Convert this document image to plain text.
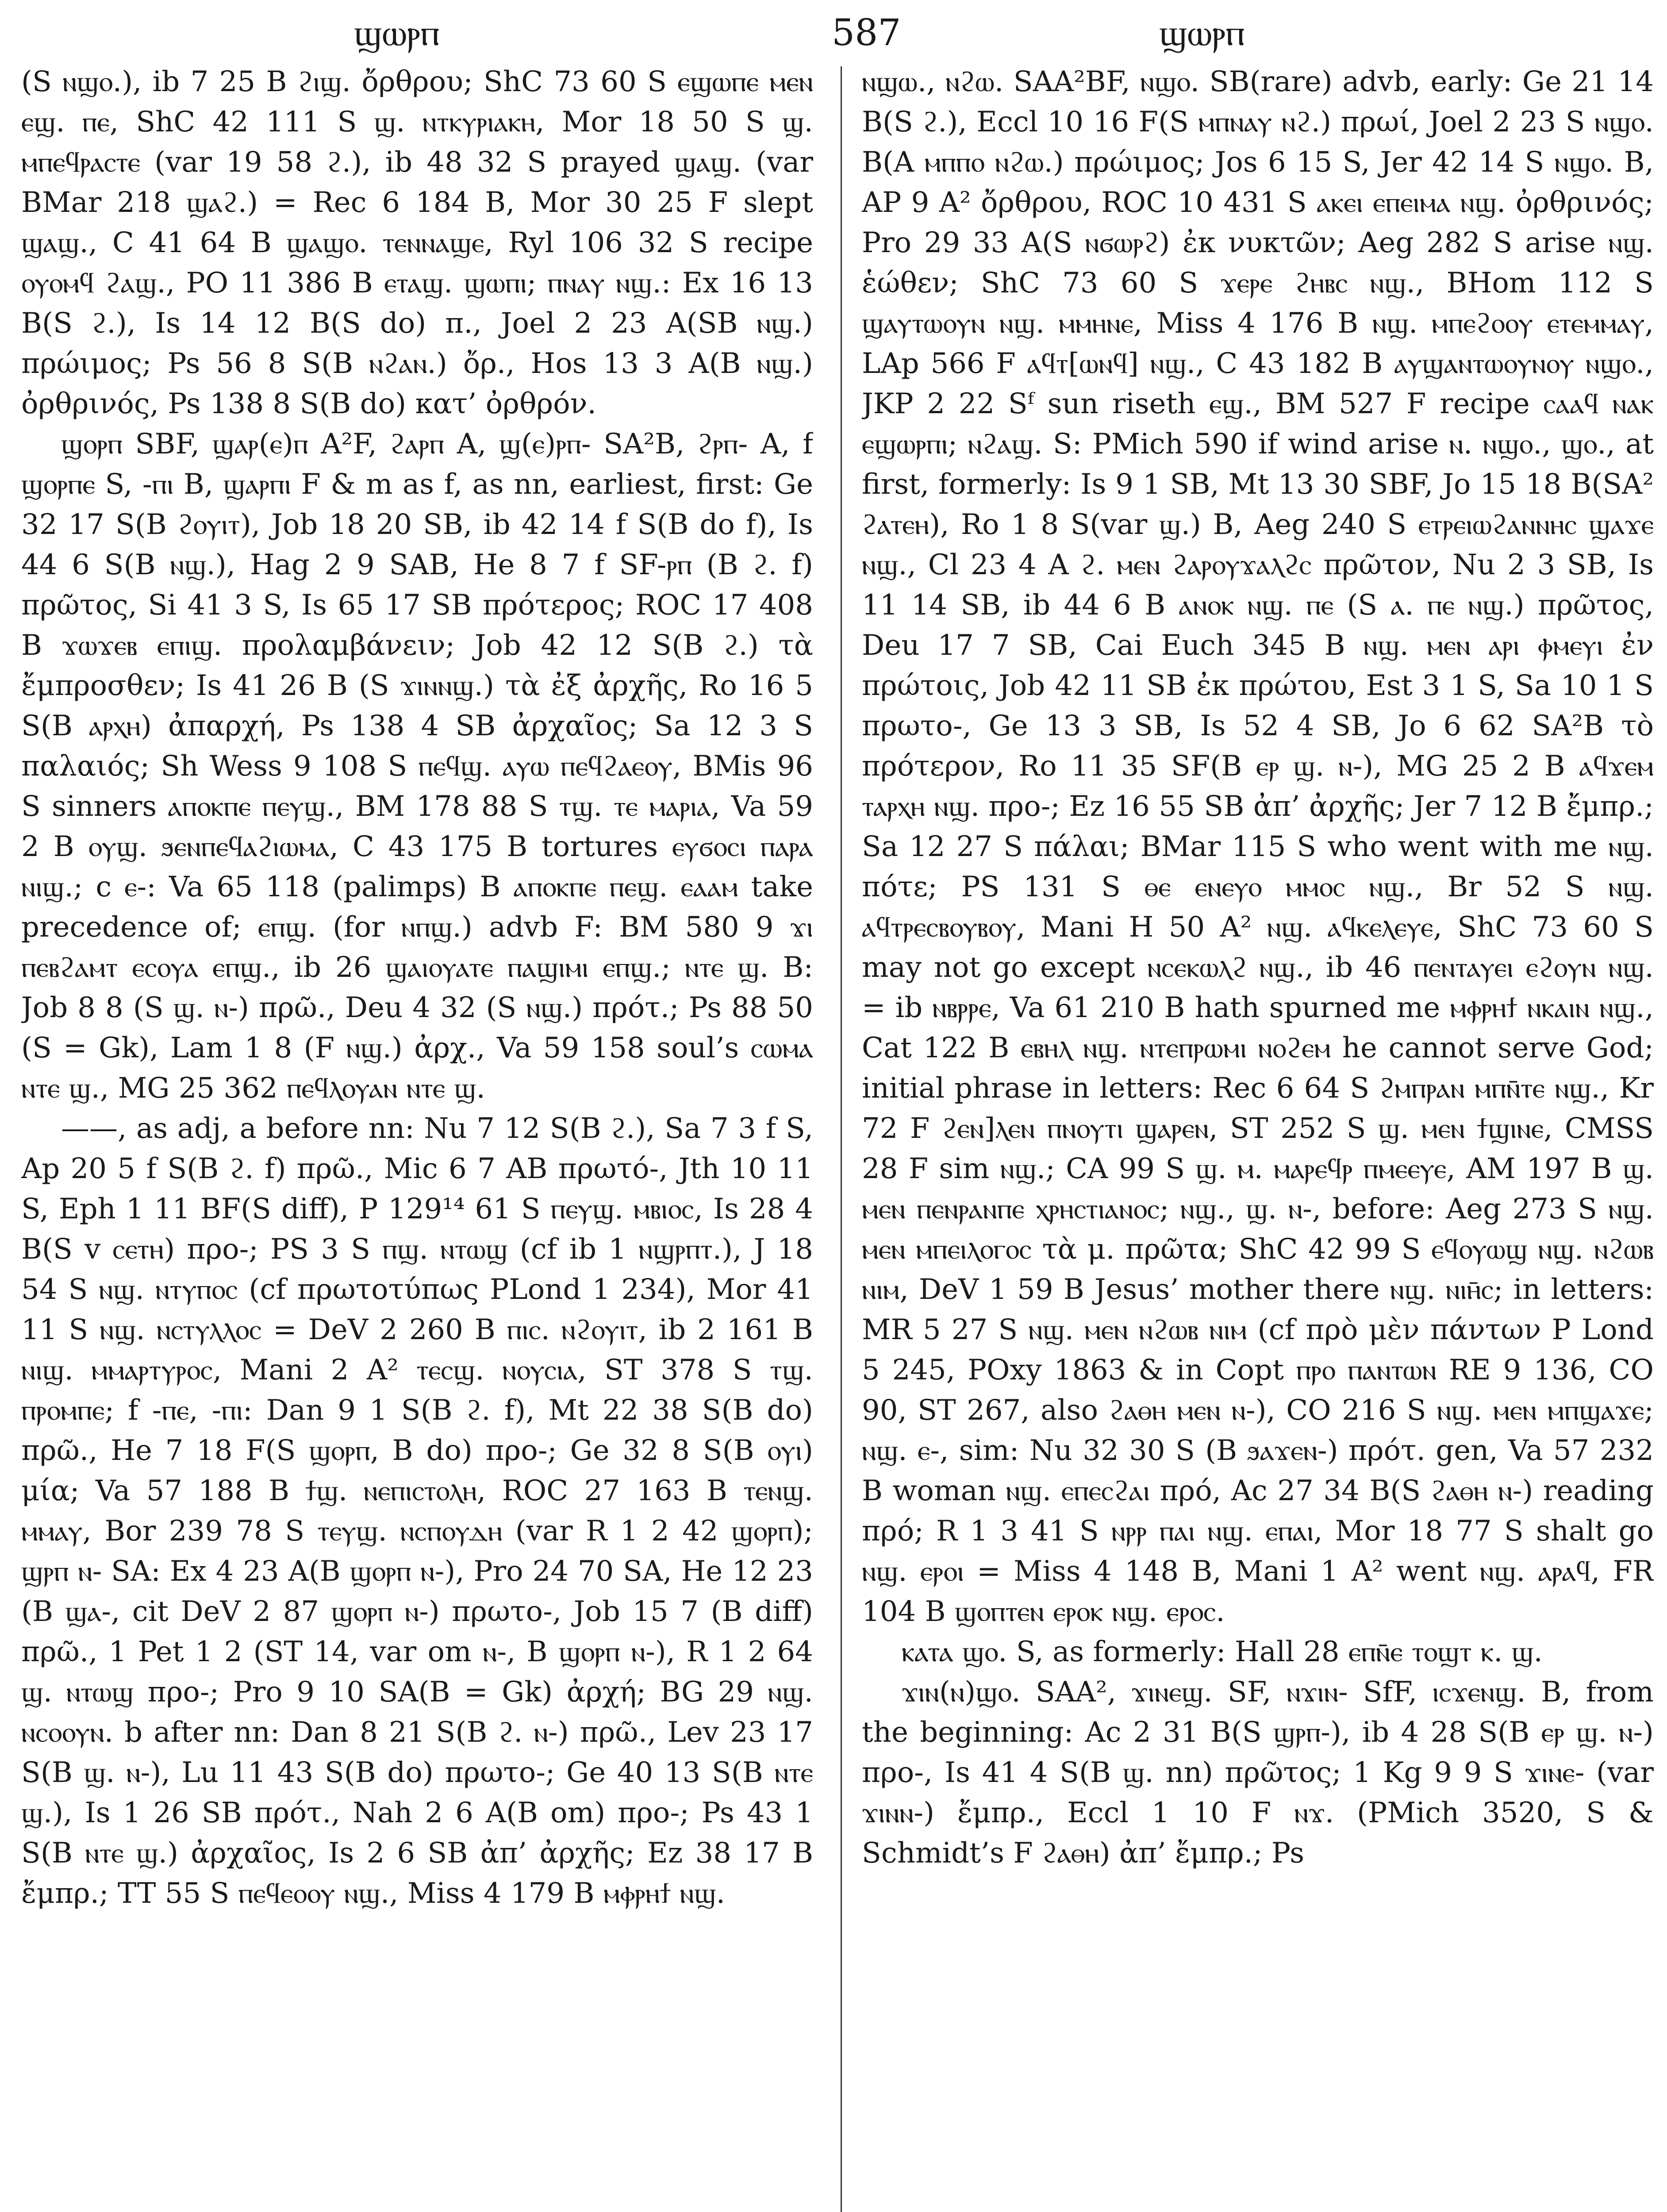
ϣⲱⲣⲡ	587	ϣⲱⲣⲡ

(S ⲛϣⲟ.), ib 7 25 B ϩⲓϣ. ὄρθρου; ShC 73 60 S ⲉϣⲱⲡⲉ ⲙⲉⲛ ⲉϣ. ⲡⲉ, ShC 42 111 S ϣ. ⲛⲧⲕⲩⲣⲓⲁⲕⲏ, Mor 18 50 S ϣ. ⲙⲡⲉϥⲣⲁⲥⲧⲉ (var 19 58 ϩ.), ib 48 32 S prayed ϣⲁϣ. (var BMar 218 ϣⲁϩ.) = Rec 6 184 B, Mor 30 25 F slept ϣⲁϣ., C 41 64 B ϣⲁϣⲟ. ⲧⲉⲛⲛⲁϣⲉ, Ryl 106 32 S recipe ⲟⲩⲟⲙϥ ϩⲁϣ., PO 11 386 B ⲉⲧⲁϣ. ϣⲱⲡⲓ; ⲡⲛⲁⲩ ⲛϣ.: Ex 16 13 B(S ϩ.), Is 14 12 B(S do) π., Joel 2 23 A(SB ⲛϣ.) πρώιμος; Ps 56 8 S(B ⲛϩⲁⲛ.) ὄρ., Hos 13 3 A(B ⲛϣ.) ὀρθρινός, Ps 138 8 S(B do) κατ’ ὀρθρόν.

ϣⲟⲣⲡ SBF, ϣⲁⲣ(ⲉ)ⲡ A²F, ϩⲁⲣⲡ A, ϣ(ⲉ)ⲣⲡ- SA²B, ϩⲣⲡ- A, f ϣⲟⲣⲡⲉ S, -ⲡⲓ B, ϣⲁⲣⲡⲓ F & m as f, as nn, earliest, first: Ge 32 17 S(B ϩⲟⲩⲓⲧ), Job 18 20 SB, ib 42 14 f S(B do f), Is 44 6 S(B ⲛϣ.), Hag 2 9 SAB, He 8 7 f SF-ⲣⲡ (B ϩ. f) πρῶτος, Si 41 3 S, Is 65 17 SB πρότερος; ROC 17 408 B ϫⲱϫⲉⲃ ⲉⲡⲓϣ. προλαμβάνειν; Job 42 12 S(B ϩ.) τὰ ἔμπροσθεν; Is 41 26 B (S ϫⲓⲛⲛϣ.) τὰ ἐξ ἀρχῆς, Ro 16 5 S(B ⲁⲣⲭⲏ) ἀπαρχή, Ps 138 4 SB ἀρχαῖος; Sa 12 3 S παλαιός; Sh Wess 9 108 S ⲡⲉϥϣ. ⲁⲩⲱ ⲡⲉϥϩⲁⲉⲟⲩ, BMis 96 S sinners ⲁⲡⲟⲕⲡⲉ ⲡⲉⲩϣ., BM 178 88 S ⲧϣ. ⲧⲉ ⲙⲁⲣⲓⲁ, Va 59 2 B ⲟⲩϣ. ϧⲉⲛⲡⲉϥⲁϩⲓⲱⲙⲁ, C 43 175 B tortures ⲉⲩϭⲟⲥⲓ ⲡⲁⲣⲁ ⲛⲓϣ.; c ⲉ-: Va 65 118 (palimps) B ⲁⲡⲟⲕⲡⲉ ⲡⲉϣ. ⲉⲁⲁⲙ take precedence of; ⲉⲡϣ. (for ⲛⲡϣ.) advb F: BM 580 9 ϫⲓ ⲡⲉⲃϩⲁⲙⲧ ⲉⲥⲟⲩⲁ ⲉⲡϣ., ib 26 ϣⲁⲓⲟⲩⲁⲧⲉ ⲡⲁϣⲓⲙⲓ ⲉⲡϣ.; ⲛⲧⲉ ϣ. B: Job 8 8 (S ϣ. ⲛ-) πρῶ., Deu 4 32 (S ⲛϣ.) πρότ.; Ps 88 50 (S = Gk), Lam 1 8 (F ⲛϣ.) ἀρχ., Va 59 158 soul’s ⲥⲱⲙⲁ ⲛⲧⲉ ϣ., MG 25 362 ⲡⲉϥⲗⲟⲩⲁⲛ ⲛⲧⲉ ϣ.

——, as adj, a before nn: Nu 7 12 S(B ϩ.), Sa 7 3 f S, Ap 20 5 f S(B ϩ. f) πρῶ., Mic 6 7 AB πρωτό-, Jth 10 11 S, Eph 1 11 BF(S diff), P 129¹⁴ 61 S ⲡⲉⲩϣ. ⲙⲃⲓⲟⲥ, Is 28 4 B(S v ⲥⲉⲧⲏ) προ-; PS 3 S ⲡϣ. ⲛⲧⲱϣ (cf ib 1 ⲛϣⲣⲡⲧ.), J 18 54 S ⲛϣ. ⲛⲧⲩⲡⲟⲥ (cf πρωτοτύπως PLond 1 234), Mor 41 11 S ⲛϣ. ⲛⲥⲧⲩⲗⲗⲟⲥ = DeV 2 260 B ⲡⲓⲥ. ⲛϩⲟⲩⲓⲧ, ib 2 161 B ⲛⲓϣ. ⲙⲙⲁⲣⲧⲩⲣⲟⲥ, Mani 2 A² ⲧⲉⲥϣ. ⲛⲟⲩⲥⲓⲁ, ST 378 S ⲧϣ. ⲡⲣⲟⲙⲡⲉ; f -ⲡⲉ, -ⲡⲓ: Dan 9 1 S(B ϩ. f), Mt 22 38 S(B do) πρῶ., He 7 18 F(S ϣⲟⲣⲡ, B do) προ-; Ge 32 8 S(B ⲟⲩⲓ) μία; Va 57 188 B ϯϣ. ⲛⲉⲡⲓⲥⲧⲟⲗⲏ, ROC 27 163 B ⲧⲉⲛϣ. ⲙⲙⲁⲩ, Bor 239 78 S ⲧⲉⲩϣ. ⲛⲥⲡⲟⲩⲇⲏ (var R 1 2 42 ϣⲟⲣⲡ); ϣⲣⲡ ⲛ- SA: Ex 4 23 A(B ϣⲟⲣⲡ ⲛ-), Pro 24 70 SA, He 12 23 (B ϣⲁ-, cit DeV 2 87 ϣⲟⲣⲡ ⲛ-) πρωτο-, Job 15 7 (B diff) πρῶ., 1 Pet 1 2 (ST 14, var om ⲛ-, B ϣⲟⲣⲡ ⲛ-), R 1 2 64 ϣ. ⲛⲧⲱϣ προ-; Pro 9 10 SA(B = Gk) ἀρχή; BG 29 ⲛϣ. ⲛⲥⲟⲟⲩⲛ. b after nn: Dan 8 21 S(B ϩ. ⲛ-) πρῶ., Lev 23 17 S(B ϣ. ⲛ-), Lu 11 43 S(B do) πρωτο-; Ge 40 13 S(B ⲛⲧⲉ ϣ.), Is 1 26 SB πρότ., Nah 2 6 A(B om) προ-; Ps 43 1 S(B ⲛⲧⲉ ϣ.) ἀρχαῖος, Is 2 6 SB ἀπ’ ἀρχῆς; Ez 38 17 B ἔμπρ.; TT 55 S ⲡⲉϥⲉⲟⲟⲩ ⲛϣ., Miss 4 179 B ⲙⲫⲣⲏϯ ⲛϣ.

ⲛϣⲱ., ⲛϩⲱ. SAA²BF, ⲛϣⲟ. SB(rare) advb, early: Ge 21 14 B(S ϩ.), Eccl 10 16 F(S ⲙⲡⲛⲁⲩ ⲛϩ.) πρωί, Joel 2 23 S ⲛϣⲟ. B(A ⲙⲡⲡⲟ ⲛϩⲱ.) πρώιμος; Jos 6 15 S, Jer 42 14 S ⲛϣⲟ. B, AP 9 A² ὄρθρου, ROC 10 431 S ⲁⲕⲉⲓ ⲉⲡⲉⲓⲙⲁ ⲛϣ. ὀρθρινός; Pro 29 33 A(S ⲛϭⲱⲣϩ) ἐκ νυκτῶν; Aeg 282 S arise ⲛϣ. ἑώθεν; ShC 73 60 S ϫⲉⲣⲉ ϩⲏⲃⲥ ⲛϣ., BHom 112 S ϣⲁⲩⲧⲱⲟⲩⲛ ⲛϣ. ⲙⲙⲏⲛⲉ, Miss 4 176 B ⲛϣ. ⲙⲡⲉϩⲟⲟⲩ ⲉⲧⲉⲙⲙⲁⲩ, LAp 566 F ⲁϥⲧ[ⲱⲛϥ] ⲛϣ., C 43 182 B ⲁⲩϣⲁⲛⲧⲱⲟⲩⲛⲟⲩ ⲛϣⲟ., JKP 2 22 Sᶠ sun riseth ⲉϣ., BM 527 F recipe ⲥⲁⲁϥ ⲛⲁⲕ ⲉϣⲱⲣⲡⲓ; ⲛϩⲁϣ. S: PMich 590 if wind arise ⲛ. ⲛϣⲟ., ϣⲟ., at first, formerly: Is 9 1 SB, Mt 13 30 SBF, Jo 15 18 B(SA² ϩⲁⲧⲉⲏ), Ro 1 8 S(var ϣ.) B, Aeg 240 S ⲉⲧⲣⲉⲓⲱϩⲁⲛⲛⲏⲥ ϣⲁϫⲉ ⲛϣ., Cl 23 4 A ϩ. ⲙⲉⲛ ϩⲁⲣⲟⲩϫⲁⲗϩⲥ πρῶτον, Nu 2 3 SB, Is 11 14 SB, ib 44 6 B ⲁⲛⲟⲕ ⲛϣ. ⲡⲉ (S ⲁ. ⲡⲉ ⲛϣ.) πρῶτος, Deu 17 7 SB, Cai Euch 345 B ⲛϣ. ⲙⲉⲛ ⲁⲣⲓ ⲫⲙⲉⲩⲓ ἐν πρώτοις, Job 42 11 SB ἐκ πρώτου, Est 3 1 S, Sa 10 1 S πρωτο-, Ge 13 3 SB, Is 52 4 SB, Jo 6 62 SA²B τὸ πρότερον, Ro 11 35 SF(B ⲉⲣ ϣ. ⲛ-), MG 25 2 B ⲁϥϫⲉⲙ ⲧⲁⲣⲭⲏ ⲛϣ. προ-; Ez 16 55 SB ἀπ’ ἀρχῆς; Jer 7 12 B ἔμπρ.; Sa 12 27 S πάλαι; BMar 115 S who went with me ⲛϣ. πότε; PS 131 S ⲑⲉ ⲉⲛⲉⲩⲟ ⲙⲙⲟⲥ ⲛϣ., Br 52 S ⲛϣ. ⲁϥⲧⲣⲉⲥⲃⲟⲩⲃⲟⲩ, Mani H 50 A² ⲛϣ. ⲁϥⲕⲉⲗⲉⲩⲉ, ShC 73 60 S may not go except ⲛⲥⲉⲕⲱⲗϩ ⲛϣ., ib 46 ⲡⲉⲛⲧⲁⲩⲉⲓ ⲉϩⲟⲩⲛ ⲛϣ. = ib ⲛⲃⲣⲣⲉ, Va 61 210 B hath spurned me ⲙⲫⲣⲏϯ ⲛⲕⲁⲓⲛ ⲛϣ., Cat 122 B ⲉⲃⲏⲗ ⲛϣ. ⲛⲧⲉⲡⲣⲱⲙⲓ ⲛⲟϩⲉⲙ he cannot serve God; initial phrase in letters: Rec 6 64 S ϩⲙⲡⲣⲁⲛ ⲙⲡⲛ̄ⲧⲉ ⲛϣ., Kr 72 F ϩⲉⲛ]ⲗⲉⲛ ⲡⲛⲟⲩⲧⲓ ϣⲁⲣⲉⲛ, ST 252 S ϣ. ⲙⲉⲛ ϯϣⲓⲛⲉ, CMSS 28 F sim ⲛϣ.; CA 99 S ϣ. ⲙ. ⲙⲁⲣⲉϥⲣ ⲡⲙⲉⲉⲩⲉ, AM 197 B ϣ. ⲙⲉⲛ ⲡⲉⲛⲣⲁⲛⲡⲉ ⲭⲣⲏⲥⲧⲓⲁⲛⲟⲥ; ⲛϣ., ϣ. ⲛ-, before: Aeg 273 S ⲛϣ. ⲙⲉⲛ ⲙⲡⲉⲓⲗⲟⲅⲟⲥ τὰ μ. πρῶτα; ShC 42 99 S ⲉϥⲟⲩⲱϣ ⲛϣ. ⲛϩⲱⲃ ⲛⲓⲙ, DeV 1 59 B Jesus’ mother there ⲛϣ. ⲛⲓⲏ̄ⲥ; in letters: MR 5 27 S ⲛϣ. ⲙⲉⲛ ⲛϩⲱⲃ ⲛⲓⲙ (cf πρὸ μὲν πάντων P Lond 5 245, POxy 1863 & in Copt ⲡⲣⲟ ⲡⲁⲛⲧⲱⲛ RE 9 136, CO 90, ST 267, also ϩⲁⲑⲏ ⲙⲉⲛ ⲛ-), CO 216 S ⲛϣ. ⲙⲉⲛ ⲙⲡϣⲁϫⲉ; ⲛϣ. ⲉ-, sim: Nu 32 30 S (B ϧⲁϫⲉⲛ-) πρότ. gen, Va 57 232 B woman ⲛϣ. ⲉⲡⲉⲥϩⲁⲓ πρό, Ac 27 34 B(S ϩⲁⲑⲏ ⲛ-) reading πρό; R 1 3 41 S ⲛⲣⲣ ⲡⲁⲓ ⲛϣ. ⲉⲡⲁⲓ, Mor 18 77 S shalt go ⲛϣ. ⲉⲣⲟⲓ = Miss 4 148 B, Mani 1 A² went ⲛϣ. ⲁⲣⲁϥ, FR 104 B ϣⲟⲡⲧⲉⲛ ⲉⲣⲟⲕ ⲛϣ. ⲉⲣⲟⲥ.

ⲕⲁⲧⲁ ϣⲟ. S, as formerly: Hall 28 ⲉⲡⲛ̄ⲉ ⲧⲟϣⲧ ⲕ. ϣ.

ϫⲓⲛ(ⲛ)ϣⲟ. SAA², ϫⲓⲛⲉϣ. SF, ⲛϫⲓⲛ- SfF, ⲓⲥϫⲉⲛϣ. B, from the beginning: Ac 2 31 B(S ϣⲣⲡ-), ib 4 28 S(B ⲉⲣ ϣ. ⲛ-) προ-, Is 41 4 S(B ϣ. nn) πρῶτος; 1 Kg 9 9 S ϫⲓⲛⲉ- (var ϫⲓⲛⲛ-) ἔμπρ., Eccl 1 10 F ⲛϫ. (PMich 3520, S & Schmidt’s F ϩⲁⲑⲏ) ἀπ’ ἔμπρ.; Ps
